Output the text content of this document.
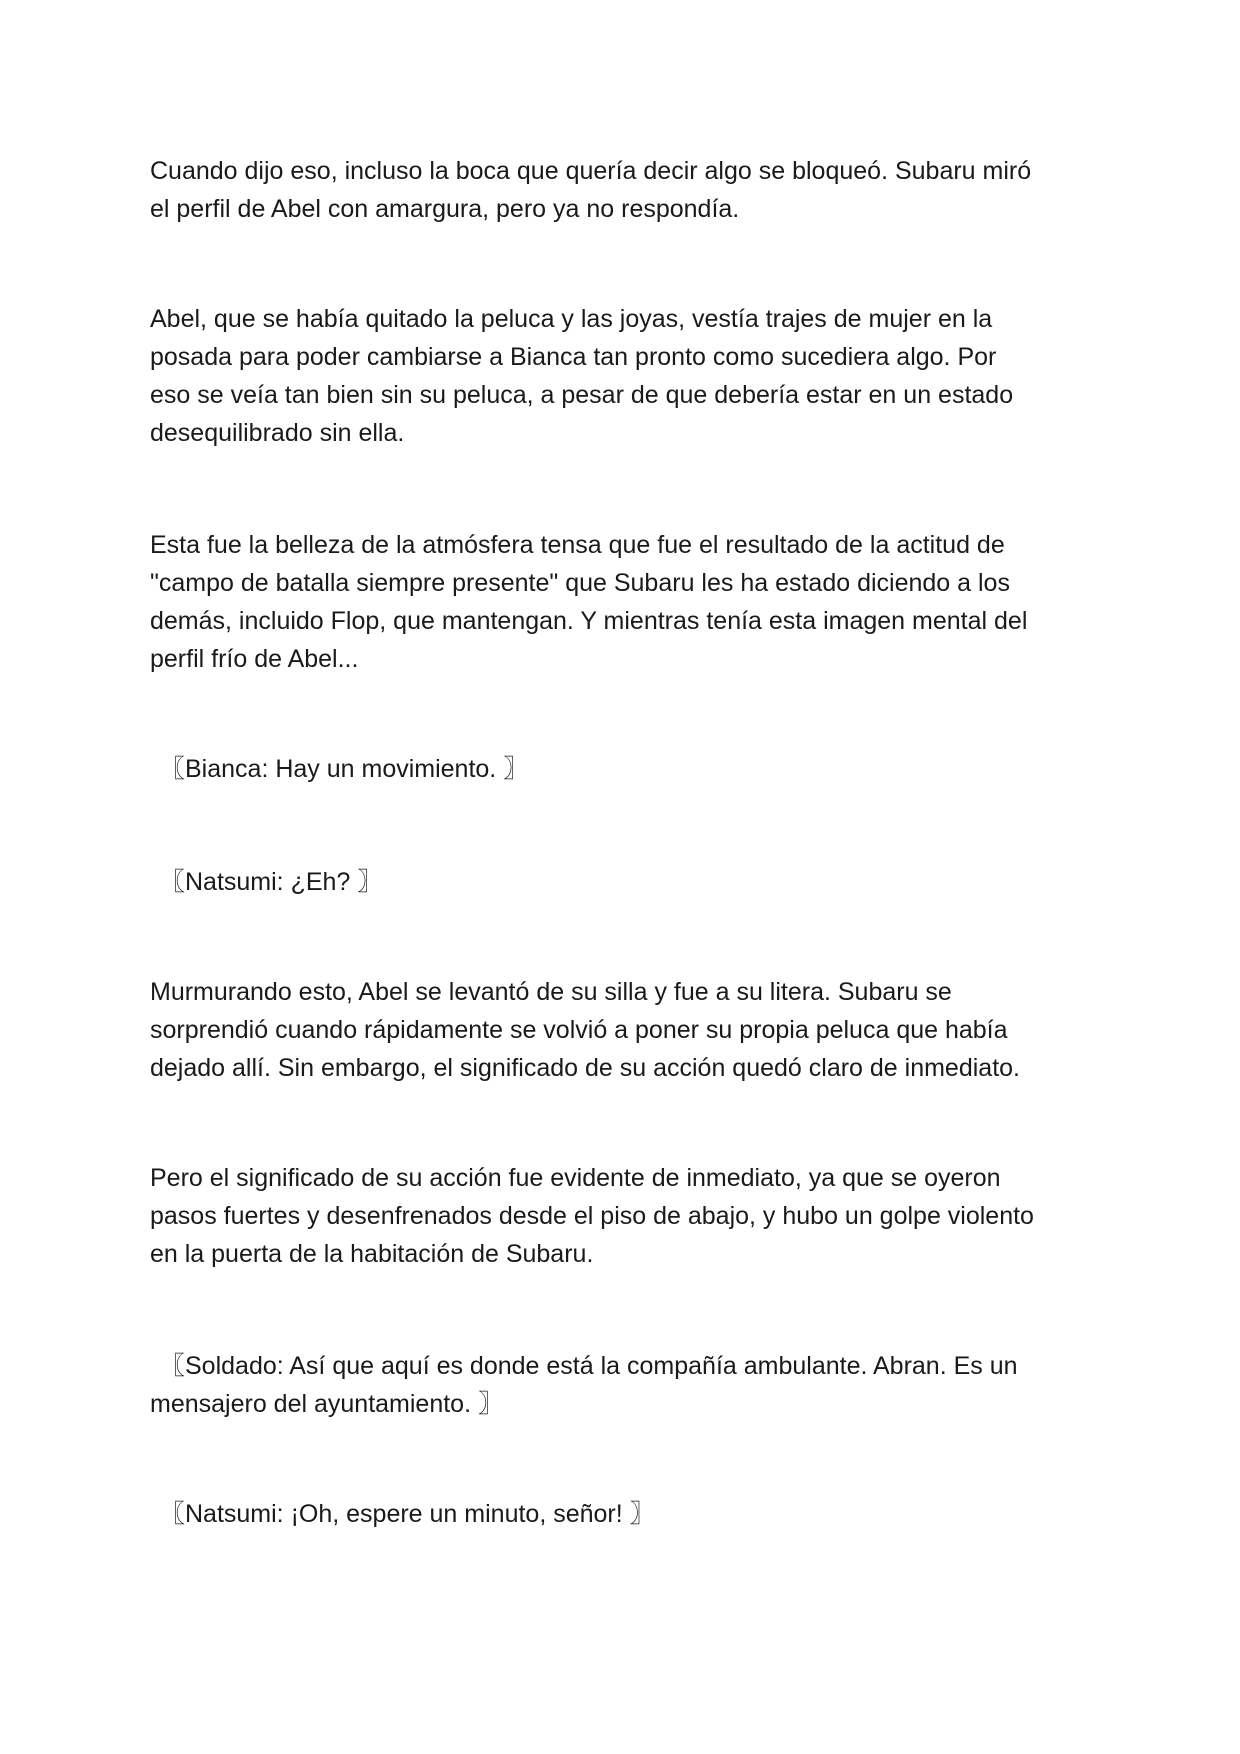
Cuando dijo eso, incluso la boca que quería decir algo se bloqueó. Subaru miró
el perfil de Abel con amargura, pero ya no respondía.

Abel, que se había quitado la peluca y las joyas, vestía trajes de mujer en la
posada para poder cambiarse a Bianca tan pronto como sucediera algo. Por
eso se veía tan bien sin su peluca, a pesar de que debería estar en un estado
desequilibrado sin ella.

Esta fue la belleza de la atmósfera tensa que fue el resultado de la actitud de
"campo de batalla siempre presente" que Subaru les ha estado diciendo a los
demás, incluido Flop, que mantengan. Y mientras tenía esta imagen mental del
perfil frío de Abel...

〖Bianca: Hay un movimiento. 〗

〖Natsumi: ¿Eh? 〗

Murmurando esto, Abel se levantó de su silla y fue a su litera. Subaru se
sorprendió cuando rápidamente se volvió a poner su propia peluca que había
dejado allí. Sin embargo, el significado de su acción quedó claro de inmediato.

Pero el significado de su acción fue evidente de inmediato, ya que se oyeron
pasos fuertes y desenfrenados desde el piso de abajo, y hubo un golpe violento
en la puerta de la habitación de Subaru.

〖Soldado: Así que aquí es donde está la compañía ambulante. Abran. Es un
mensajero del ayuntamiento. 〗

〖Natsumi: ¡Oh, espere un minuto, señor! 〗
